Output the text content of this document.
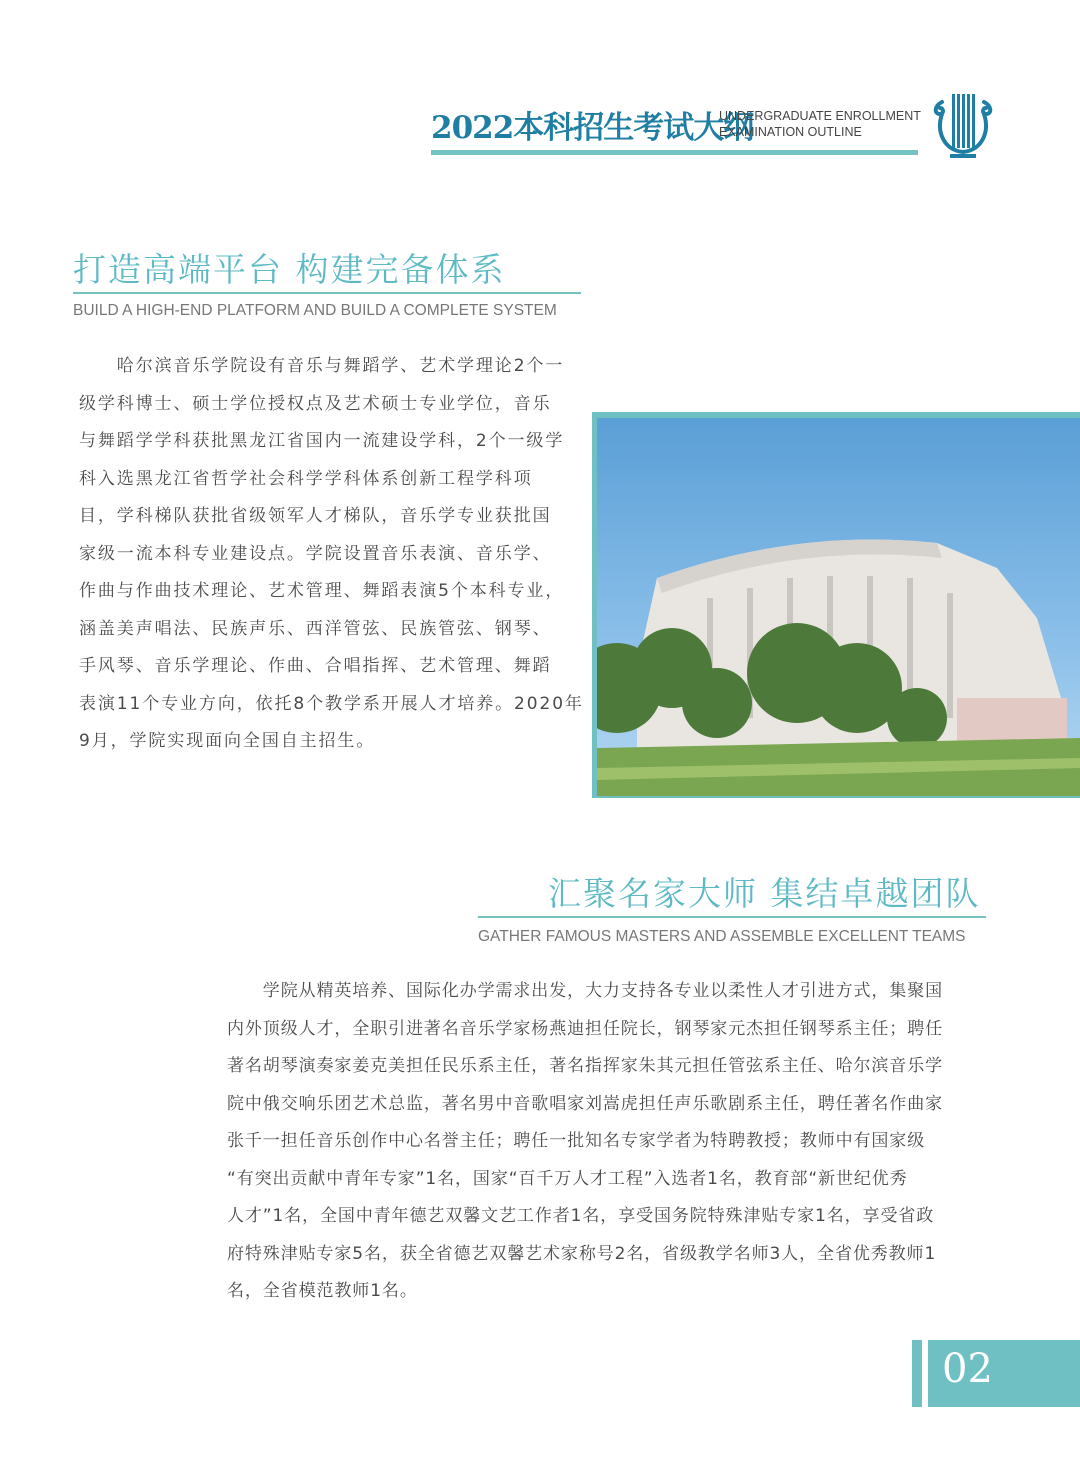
2022本科招生考试大纲
UNDERGRADUATE ENROLLMENT
EXAMINATION OUTLINE
打造高端平台 构建完备体系
BUILD A HIGH-END PLATFORM AND BUILD A COMPLETE SYSTEM
　　哈尔滨音乐学院设有音乐与舞蹈学、艺术学理论2个一
级学科博士、硕士学位授权点及艺术硕士专业学位，音乐
与舞蹈学学科获批黑龙江省国内一流建设学科，2个一级学
科入选黑龙江省哲学社会科学学科体系创新工程学科项
目，学科梯队获批省级领军人才梯队，音乐学专业获批国
家级一流本科专业建设点。学院设置音乐表演、音乐学、
作曲与作曲技术理论、艺术管理、舞蹈表演5个本科专业，
涵盖美声唱法、民族声乐、西洋管弦、民族管弦、钢琴、
手风琴、音乐学理论、作曲、合唱指挥、艺术管理、舞蹈
表演11个专业方向，依托8个教学系开展人才培养。2020年
9月，学院实现面向全国自主招生。
汇聚名家大师 集结卓越团队
GATHER FAMOUS MASTERS AND ASSEMBLE EXCELLENT TEAMS
　　学院从精英培养、国际化办学需求出发，大力支持各专业以柔性人才引进方式，集聚国
内外顶级人才，全职引进著名音乐学家杨燕迪担任院长，钢琴家元杰担任钢琴系主任；聘任
著名胡琴演奏家姜克美担任民乐系主任，著名指挥家朱其元担任管弦系主任、哈尔滨音乐学
院中俄交响乐团艺术总监，著名男中音歌唱家刘嵩虎担任声乐歌剧系主任，聘任著名作曲家
张千一担任音乐创作中心名誉主任；聘任一批知名专家学者为特聘教授；教师中有国家级
“有突出贡献中青年专家”1名，国家“百千万人才工程”入选者1名，教育部“新世纪优秀
人才”1名，全国中青年德艺双馨文艺工作者1名，享受国务院特殊津贴专家1名，享受省政
府特殊津贴专家5名，获全省德艺双馨艺术家称号2名，省级教学名师3人，全省优秀教师1
名，全省模范教师1名。
02
